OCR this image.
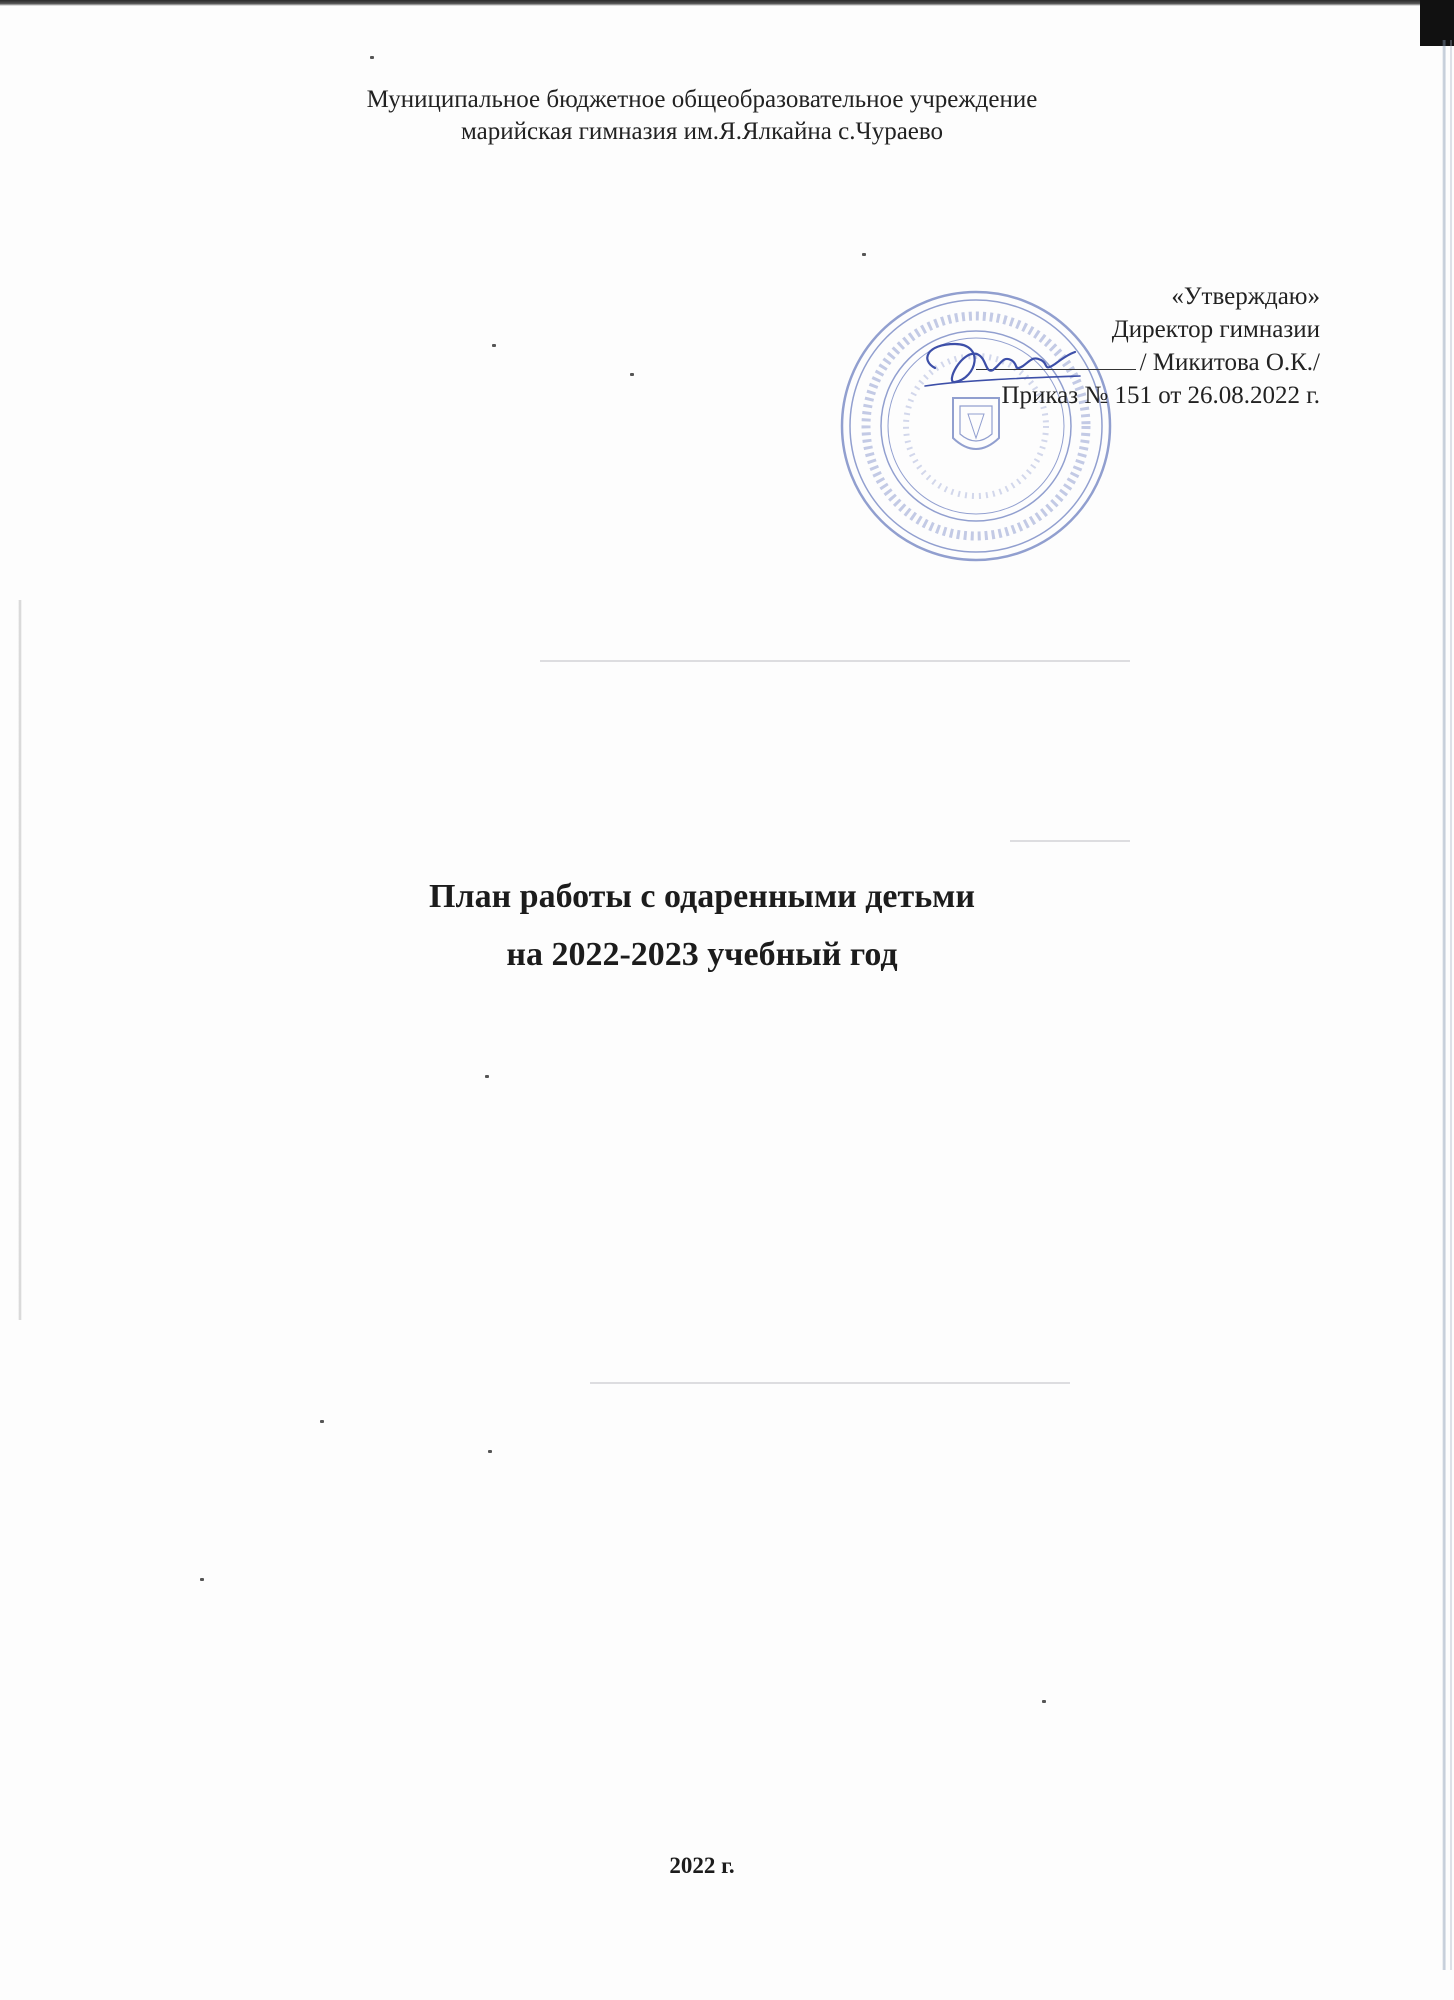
Муниципальное бюджетное общеобразовательное учреждение
марийская гимназия им.Я.Ялкайна с.Чураево
«Утверждаю»
Директор гимназии
/ Микитова О.К./
Приказ № 151 от 26.08.2022 г.
План работы с одаренными детьми
на 2022-2023 учебный год
2022 г.
